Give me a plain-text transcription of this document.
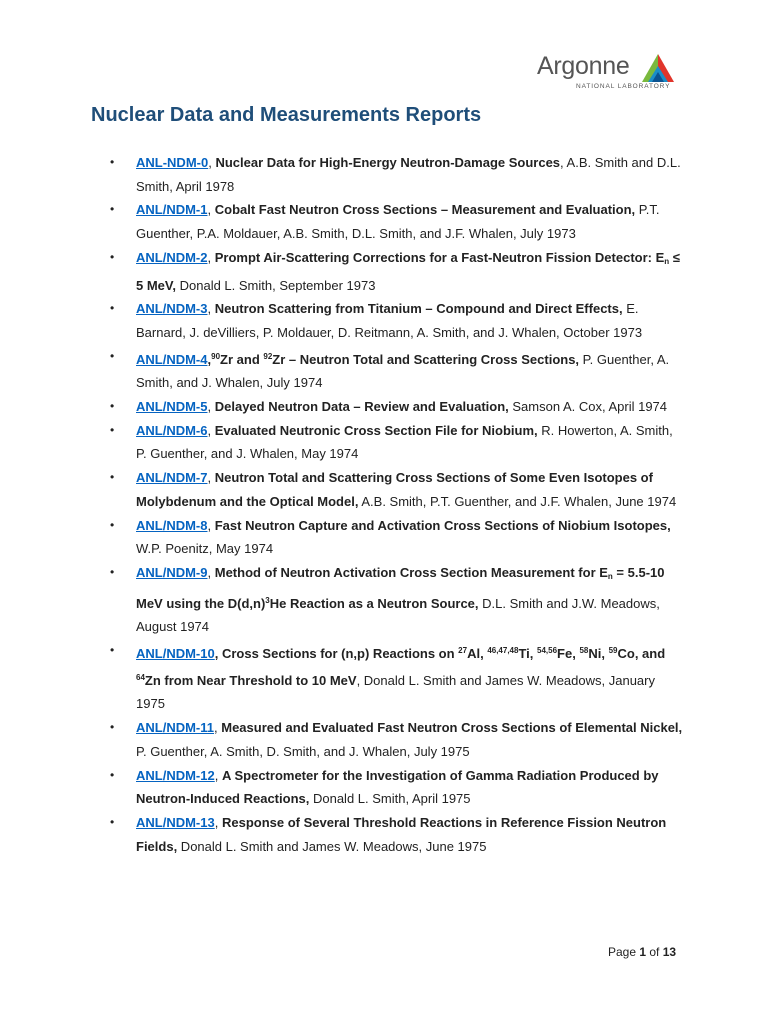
Argonne
NATIONAL LABORATORY
Nuclear Data and Measurements Reports
• ANL-NDM-0, Nuclear Data for High-Energy Neutron-Damage Sources, A.B. Smith and D.L. Smith, April 1978
• ANL/NDM-1, Cobalt Fast Neutron Cross Sections – Measurement and Evaluation, P.T. Guenther, P.A. Moldauer, A.B. Smith, D.L. Smith, and J.F. Whalen, July 1973
• ANL/NDM-2, Prompt Air-Scattering Corrections for a Fast-Neutron Fission Detector: $E_n \le 5$ MeV, Donald L. Smith, September 1973
• ANL/NDM-3, Neutron Scattering from Titanium – Compound and Direct Effects, E. Barnard, J. deVilliers, P. Moldauer, D. Reitmann, A. Smith, and J. Whalen, October 1973
• ANL/NDM-4,90Zr and $^{92}$Zr – Neutron Total and Scattering Cross Sections, P. Guenther, A. Smith, and J. Whalen, July 1974
• ANL/NDM-5, Delayed Neutron Data – Review and Evaluation, Samson A. Cox, April 1974
• ANL/NDM-6, Evaluated Neutronic Cross Section File for Niobium, R. Howerton, A. Smith, P. Guenther, and J. Whalen, May 1974
• ANL/NDM-7, Neutron Total and Scattering Cross Sections of Some Even Isotopes of Molybdenum and the Optical Model, A.B. Smith, P.T. Guenther, and J.F. Whalen, June 1974
• ANL/NDM-8, Fast Neutron Capture and Activation Cross Sections of Niobium Isotopes, W.P. Poenitz, May 1974
• ANL/NDM-9, Method of Neutron Activation Cross Section Measurement for $E_n = 5.5-10$ MeV using the $D(d,n)^3He$ Reaction as a Neutron Source, D.L. Smith and J.W. Meadows, August 1974
• ANL/NDM-10, Cross Sections for (n,p) Reactions on $^{27}$Al, $^{46,47,48}$Ti, $^{54,56}$Fe, $^{58}$Ni, $^{59}$Co, and $^{64}$Zn from Near Threshold to 10 MeV, Donald L. Smith and James W. Meadows, January 1975
• ANL/NDM-11, Measured and Evaluated Fast Neutron Cross Sections of Elemental Nickel, P. Guenther, A. Smith, D. Smith, and J. Whalen, July 1975
• ANL/NDM-12, A Spectrometer for the Investigation of Gamma Radiation Produced by Neutron-Induced Reactions, Donald L. Smith, April 1975
• ANL/NDM-13, Response of Several Threshold Reactions in Reference Fission Neutron Fields, Donald L. Smith and James W. Meadows, June 1975
Page 1 of 13
